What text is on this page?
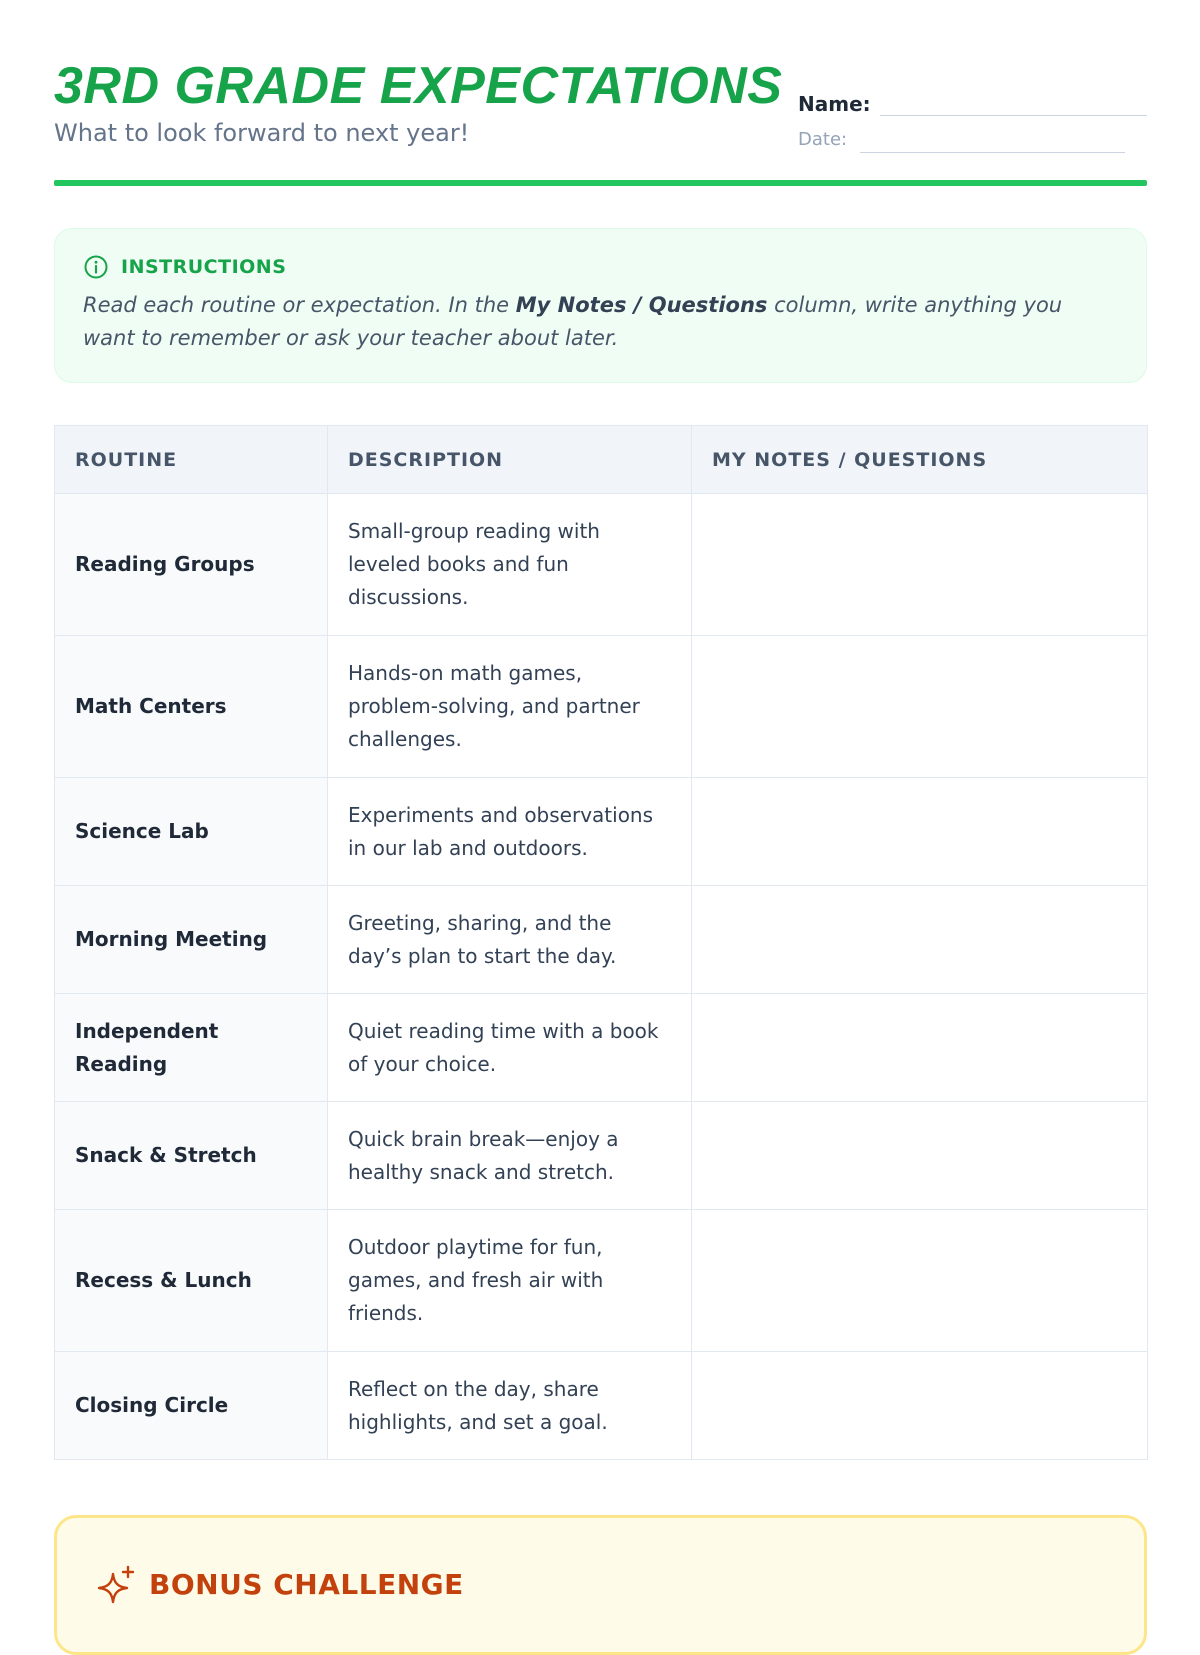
3RD GRADE EXPECTATIONS
What to look forward to next year!
Name:
Date:
INSTRUCTIONS
Read each routine or expectation. In the My Notes / Questions column, write anything you want to remember or ask your teacher about later.
ROUTINE	DESCRIPTION	MY NOTES / QUESTIONS
Reading Groups	Small-group reading with leveled books and fun discussions.	
Math Centers	Hands-on math games, problem-solving, and partner challenges.	
Science Lab	Experiments and observations in our lab and outdoors.	
Morning Meeting	Greeting, sharing, and the day’s plan to start the day.	
Independent Reading	Quiet reading time with a book of your choice.	
Snack & Stretch	Quick brain break—enjoy a healthy snack and stretch.	
Recess & Lunch	Outdoor playtime for fun, games, and fresh air with friends.	
Closing Circle	Reflect on the day, share highlights, and set a goal.	
BONUS CHALLENGE
